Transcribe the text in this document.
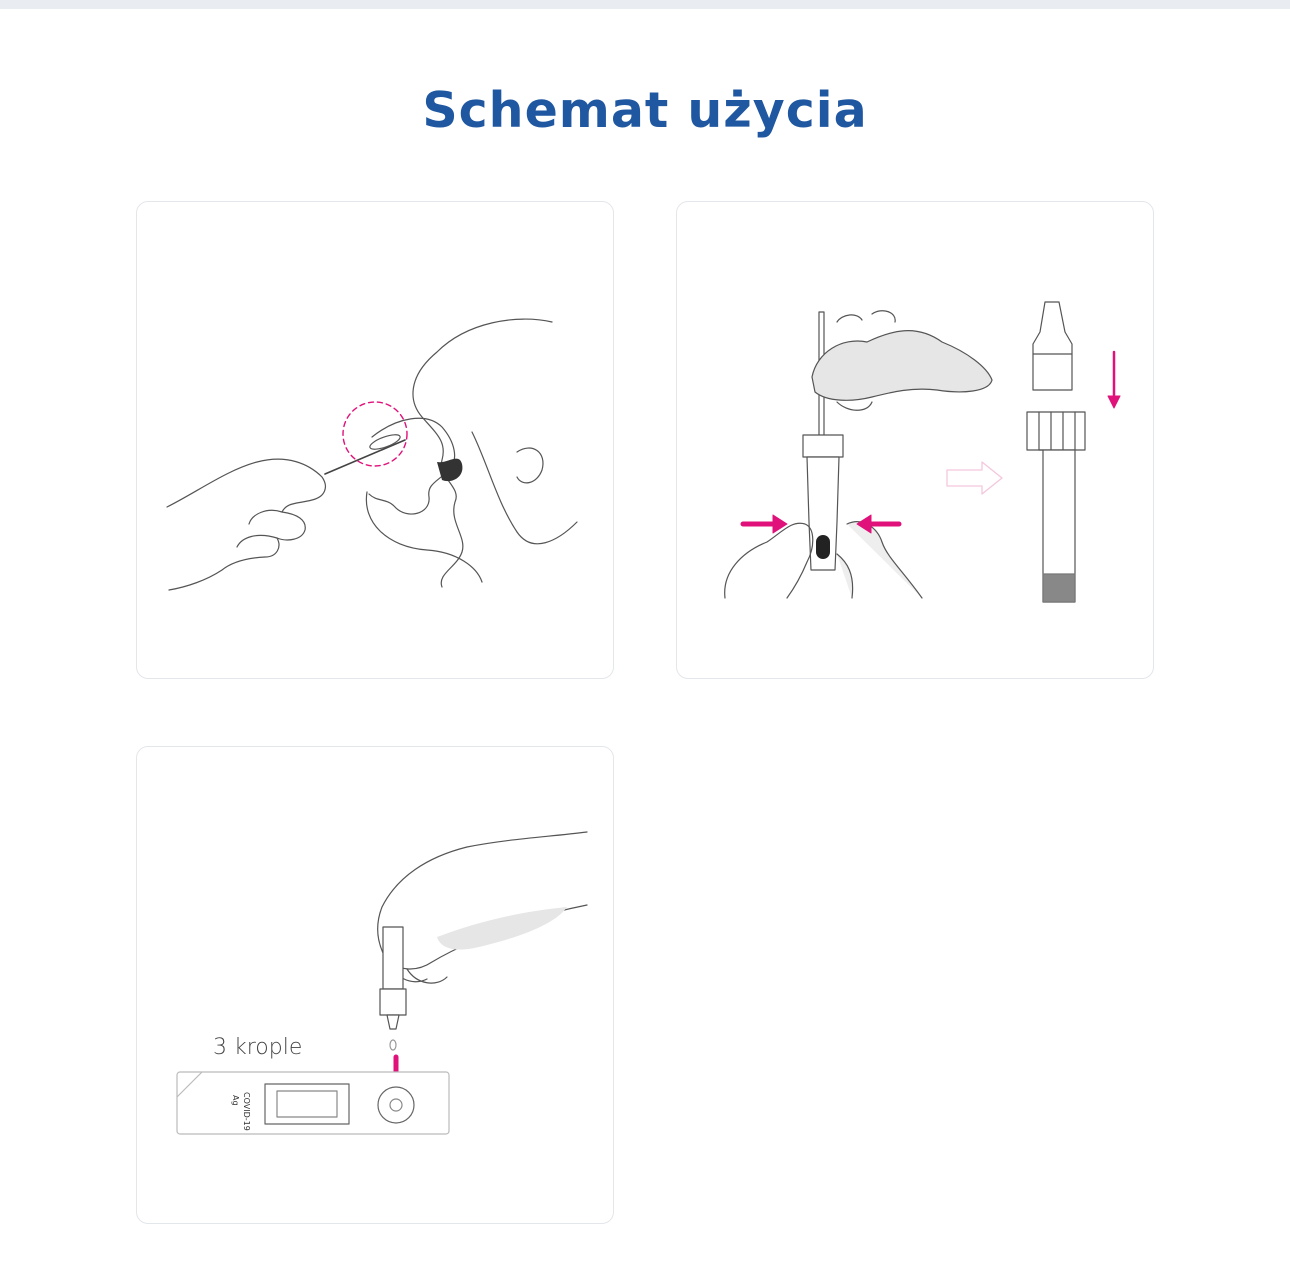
Schemat użycia
3 krople
COVID-19
Ag
